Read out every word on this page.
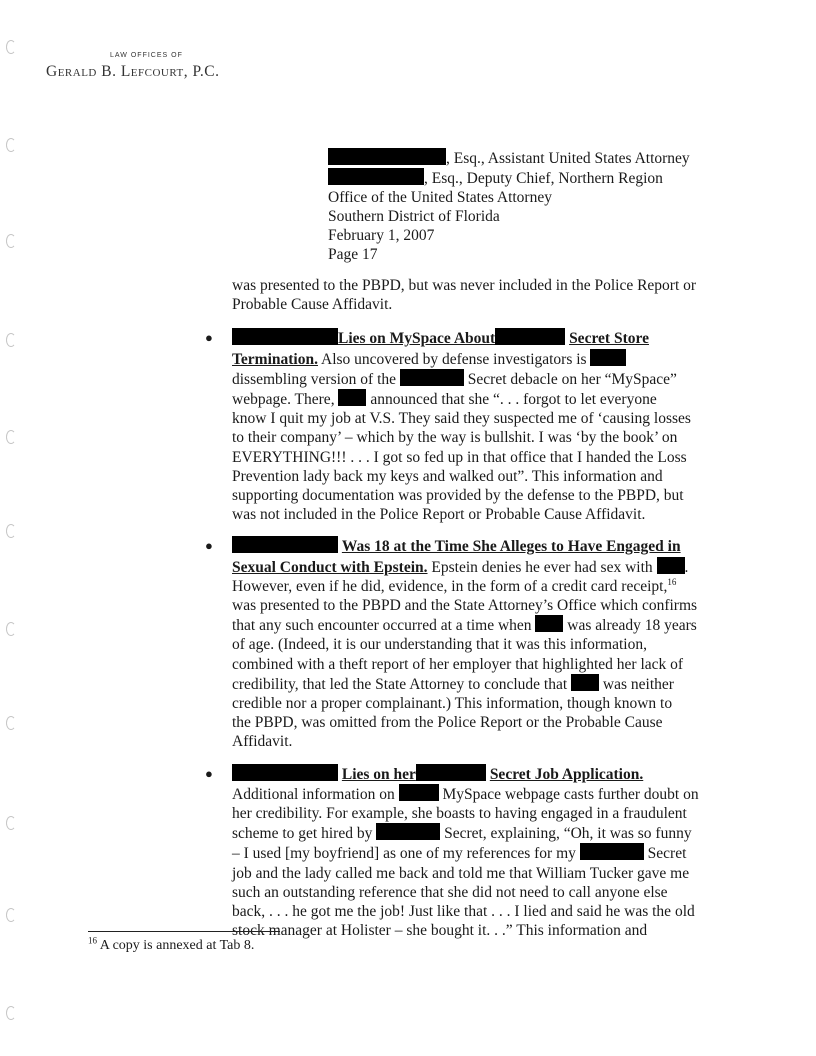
LAW OFFICES OF
Gerald B. Lefcourt, P.C.
, Esq., Assistant United States Attorney
, Esq., Deputy Chief, Northern Region
Office of the United States Attorney
Southern District of Florida
February 1, 2007
Page 17
was presented to the PBPD, but was never included in the Police Report or
Probable Cause Affidavit.
●	Lies on MySpace About	Secret Store
Termination. Also uncovered by defense investigators is
dissembling version of the	Secret debacle on her “MySpace”
webpage. There, announced that she “. . . forgot to let everyone
know I quit my job at V.S. They said they suspected me of ‘causing losses
to their company’ – which by the way is bullshit. I was ‘by the book’ on
EVERYTHING!!! . . . I got so fed up in that office that I handed the Loss
Prevention lady back my keys and walked out”. This information and
supporting documentation was provided by the defense to the PBPD, but
was not included in the Police Report or Probable Cause Affidavit.
●	Was 18 at the Time She Alleges to Have Engaged in
Sexual Conduct with Epstein. Epstein denies he ever had sex with .
However, even if he did, evidence, in the form of a credit card receipt,$^{16}$
was presented to the PBPD and the State Attorney’s Office which confirms
that any such encounter occurred at a time when was already 18 years
of age. (Indeed, it is our understanding that it was this information,
combined with a theft report of her employer that highlighted her lack of
credibility, that led the State Attorney to conclude that was neither
credible nor a proper complainant.) This information, though known to
the PBPD, was omitted from the Police Report or the Probable Cause
Affidavit.
●	Lies on her	Secret Job Application.
Additional information on	MySpace webpage casts further doubt on
her credibility. For example, she boasts to having engaged in a fraudulent
scheme to get hired by	Secret, explaining, “Oh, it was so funny
– I used [my boyfriend] as one of my references for my	Secret
job and the lady called me back and told me that William Tucker gave me
such an outstanding reference that she did not need to call anyone else
back, . . . he got me the job! Just like that . . . I lied and said he was the old
stock manager at Holister – she bought it. . .” This information and
$^{16}$ A copy is annexed at Tab 8.
